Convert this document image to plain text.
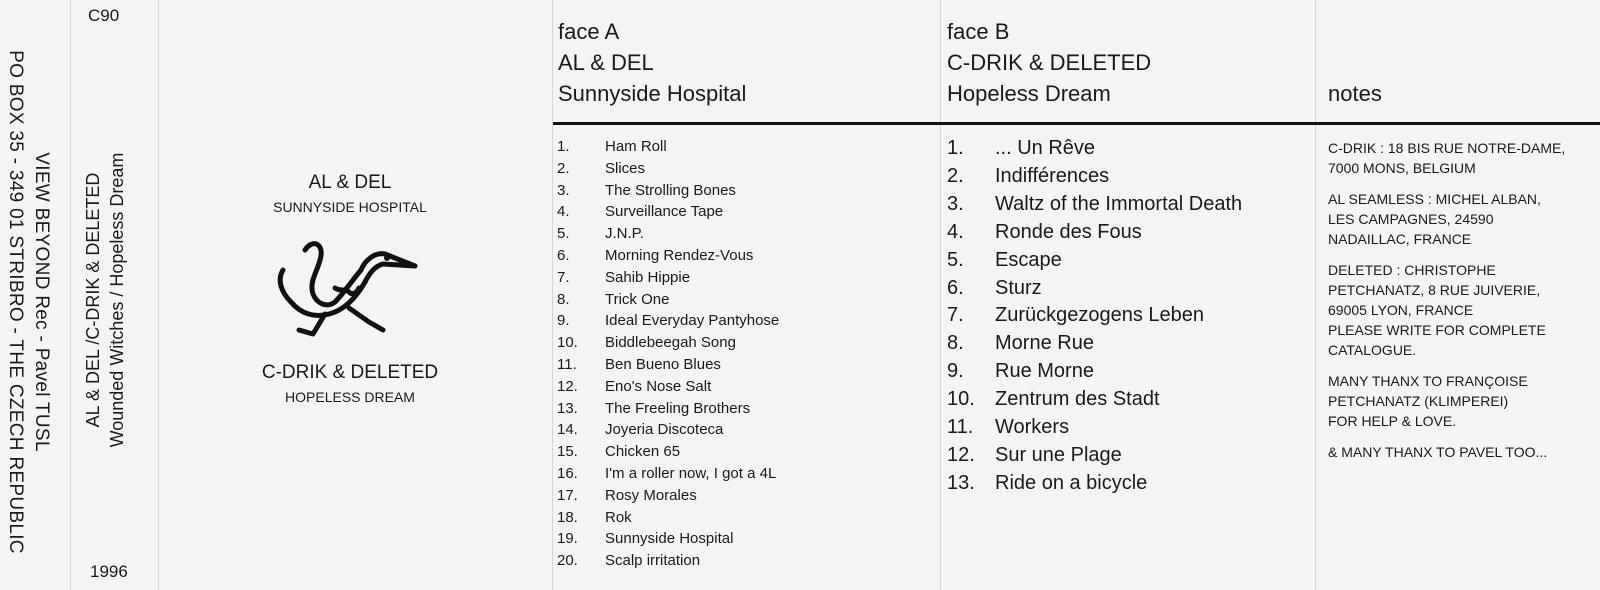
VIEW BEYOND Rec - Pavel TUSL
PO BOX 35 - 349 01 STRIBRO - THE CZECH REPUBLIC
C90
AL & DEL /C-DRIK & DELETED Wounded Witches / Hopeless Dream
1996
AL & DEL
SUNNYSIDE HOSPITAL
C-DRIK & DELETED
HOPELESS DREAM
face A
AL & DEL
Sunnyside Hospital
face B
C-DRIK & DELETED
Hopeless Dream	notes
1. Ham Roll
2. Slices
3. The Strolling Bones
4. Surveillance Tape
5. J.N.P.
6. Morning Rendez-Vous
7. Sahib Hippie
8. Trick One
9. Ideal Everyday Pantyhose
10. Biddlebeegah Song
11. Ben Bueno Blues
12. Eno's Nose Salt
13. The Freeling Brothers
14. Joyeria Discoteca
15. Chicken 65
16. I'm a roller now, I got a 4L
17. Rosy Morales
18. Rok
19. Sunnyside Hospital
20. Scalp irritation
1. ... Un Rêve
2. Indifférences
3. Waltz of the Immortal Death
4. Ronde des Fous
5. Escape
6. Sturz
7. Zurückgezogens Leben
8. Morne Rue
9. Rue Morne
10. Zentrum des Stadt
11. Workers
12. Sur une Plage
13. Ride on a bicycle

C-DRIK : 18 BIS RUE NOTRE-DAME,
7000 MONS, BELGIUM

AL SEAMLESS : MICHEL ALBAN,
LES CAMPAGNES, 24590
NADAILLAC, FRANCE

DELETED : CHRISTOPHE
PETCHANATZ, 8 RUE JUIVERIE,
69005 LYON, FRANCE
PLEASE WRITE FOR COMPLETE
CATALOGUE.

MANY THANX TO FRANÇOISE
PETCHANATZ (KLIMPEREI)
FOR HELP & LOVE.

& MANY THANX TO PAVEL TOO...
